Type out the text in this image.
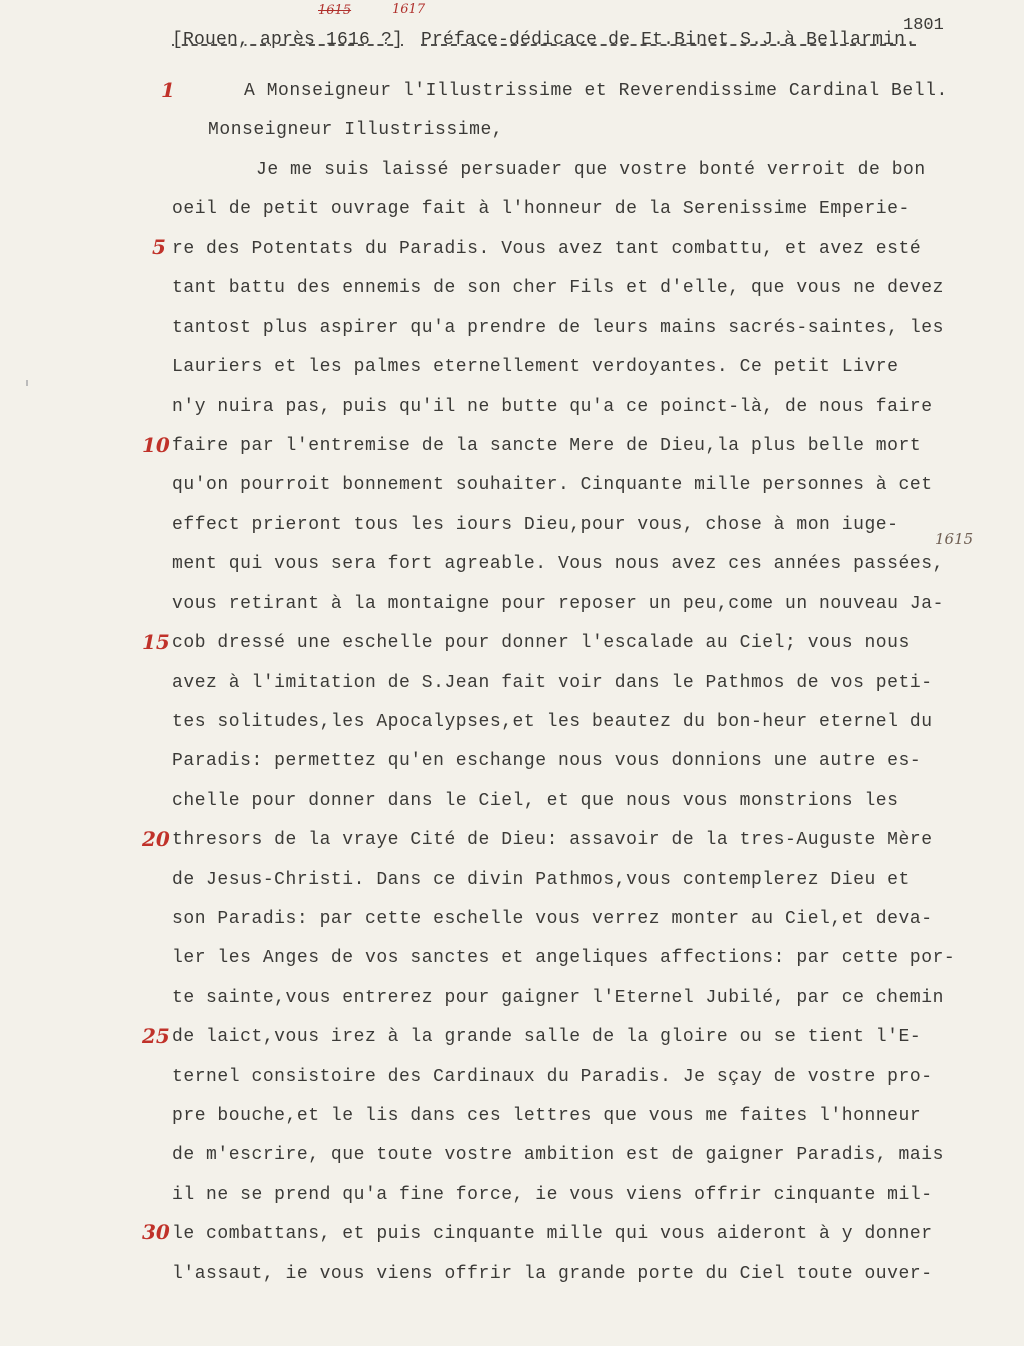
1615	1617
1801
[Rouen, après 1616 ?] Préface-dédicace de Et.Binet S.J.à Bellarmin.
1
5
10
15
20
25
30
1615
A Monseigneur l'Illustrissime et Reverendissime Cardinal Bell.
Monseigneur Illustrissime,
Je me suis laissé persuader que vostre bonté verroit de bon
oeil de petit ouvrage fait à l'honneur de la Serenissime Emperie-
re des Potentats du Paradis. Vous avez tant combattu, et avez esté
tant battu des ennemis de son cher Fils et d'elle, que vous ne devez
tantost plus aspirer qu'a prendre de leurs mains sacrés-saintes, les
Lauriers et les palmes eternellement verdoyantes. Ce petit Livre
n'y nuira pas, puis qu'il ne butte qu'a ce poinct-là, de nous faire
faire par l'entremise de la sancte Mere de Dieu,la plus belle mort
qu'on pourroit bonnement souhaiter. Cinquante mille personnes à cet
effect prieront tous les iours Dieu,pour vous, chose à mon iuge-
ment qui vous sera fort agreable. Vous nous avez ces années passées,
vous retirant à la montaigne pour reposer un peu,come un nouveau Ja-
cob dressé une eschelle pour donner l'escalade au Ciel; vous nous
avez à l'imitation de S.Jean fait voir dans le Pathmos de vos peti-
tes solitudes,les Apocalypses,et les beautez du bon-heur eternel du
Paradis: permettez qu'en eschange nous vous donnions une autre es-
chelle pour donner dans le Ciel, et que nous vous monstrions les
thresors de la vraye Cité de Dieu: assavoir de la tres-Auguste Mère
de Jesus-Christi. Dans ce divin Pathmos,vous contemplerez Dieu et
son Paradis: par cette eschelle vous verrez monter au Ciel,et deva-
ler les Anges de vos sanctes et angeliques affections: par cette por-
te sainte,vous entrerez pour gaigner l'Eternel Jubilé, par ce chemin
de laict,vous irez à la grande salle de la gloire ou se tient l'E-
ternel consistoire des Cardinaux du Paradis. Je sçay de vostre pro-
pre bouche,et le lis dans ces lettres que vous me faites l'honneur
de m'escrire, que toute vostre ambition est de gaigner Paradis, mais
il ne se prend qu'a fine force, ie vous viens offrir cinquante mil-
le combattans, et puis cinquante mille qui vous aideront à y donner
l'assaut, ie vous viens offrir la grande porte du Ciel toute ouver-
